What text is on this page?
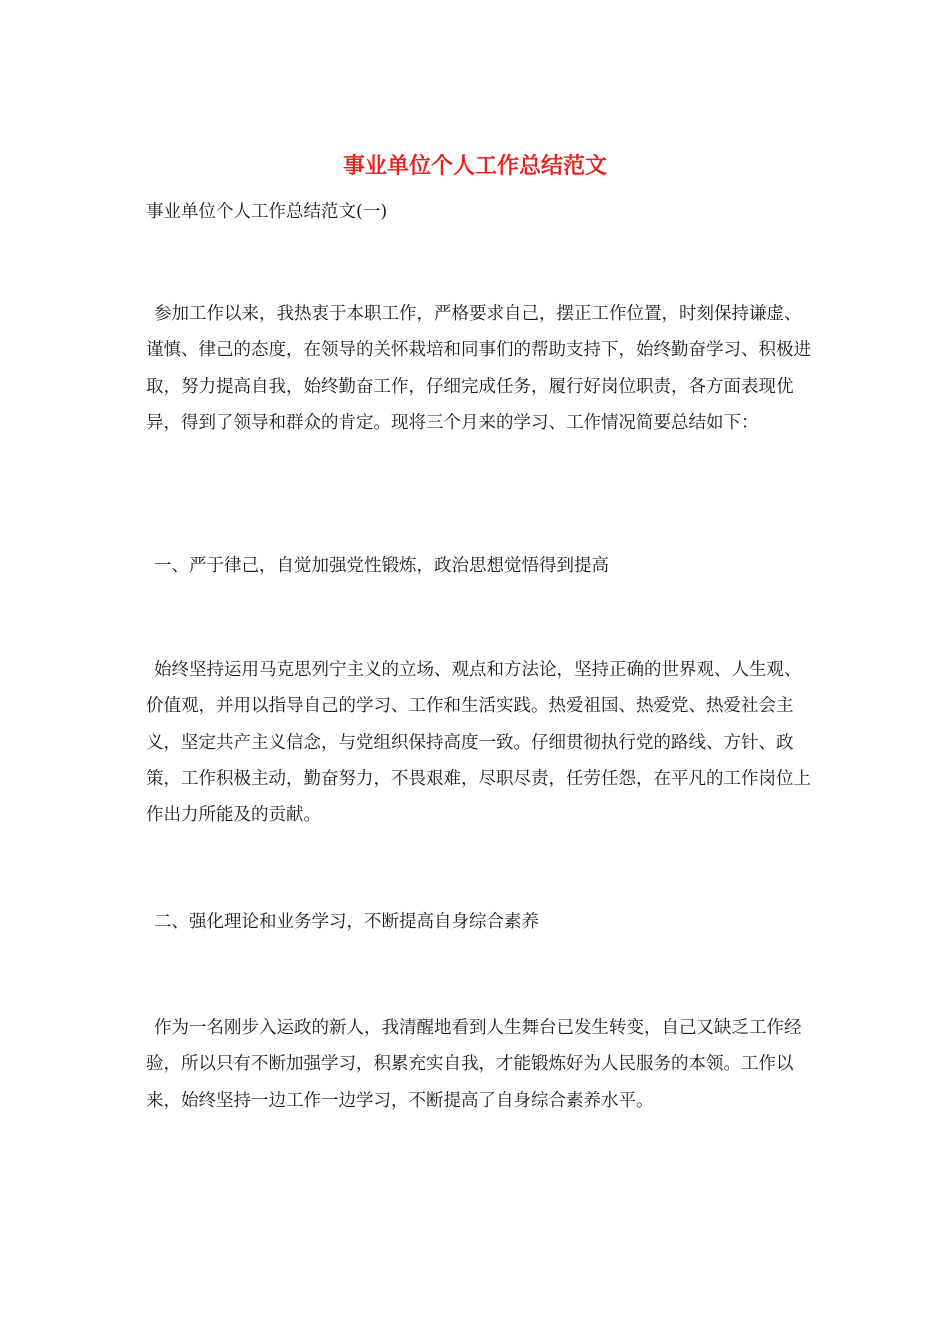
事业单位个人工作总结范文

事业单位个人工作总结范文(一)

参加工作以来，我热衷于本职工作，严格要求自己，摆正工作位置，时刻保持谦虚、谨慎、律己的态度，在领导的关怀栽培和同事们的帮助支持下，始终勤奋学习、积极进取，努力提高自我，始终勤奋工作，仔细完成任务，履行好岗位职责，各方面表现优异，得到了领导和群众的肯定。现将三个月来的学习、工作情况简要总结如下：

一、严于律己，自觉加强党性锻炼，政治思想觉悟得到提高

始终坚持运用马克思列宁主义的立场、观点和方法论，坚持正确的世界观、人生观、价值观，并用以指导自己的学习、工作和生活实践。热爱祖国、热爱党、热爱社会主义，坚定共产主义信念，与党组织保持高度一致。仔细贯彻执行党的路线、方针、政策，工作积极主动，勤奋努力，不畏艰难，尽职尽责，任劳任怨，在平凡的工作岗位上作出力所能及的贡献。

二、强化理论和业务学习，不断提高自身综合素养

作为一名刚步入运政的新人，我清醒地看到人生舞台已发生转变，自己又缺乏工作经验，所以只有不断加强学习，积累充实自我，才能锻炼好为人民服务的本领。工作以来，始终坚持一边工作一边学习，不断提高了自身综合素养水平。
